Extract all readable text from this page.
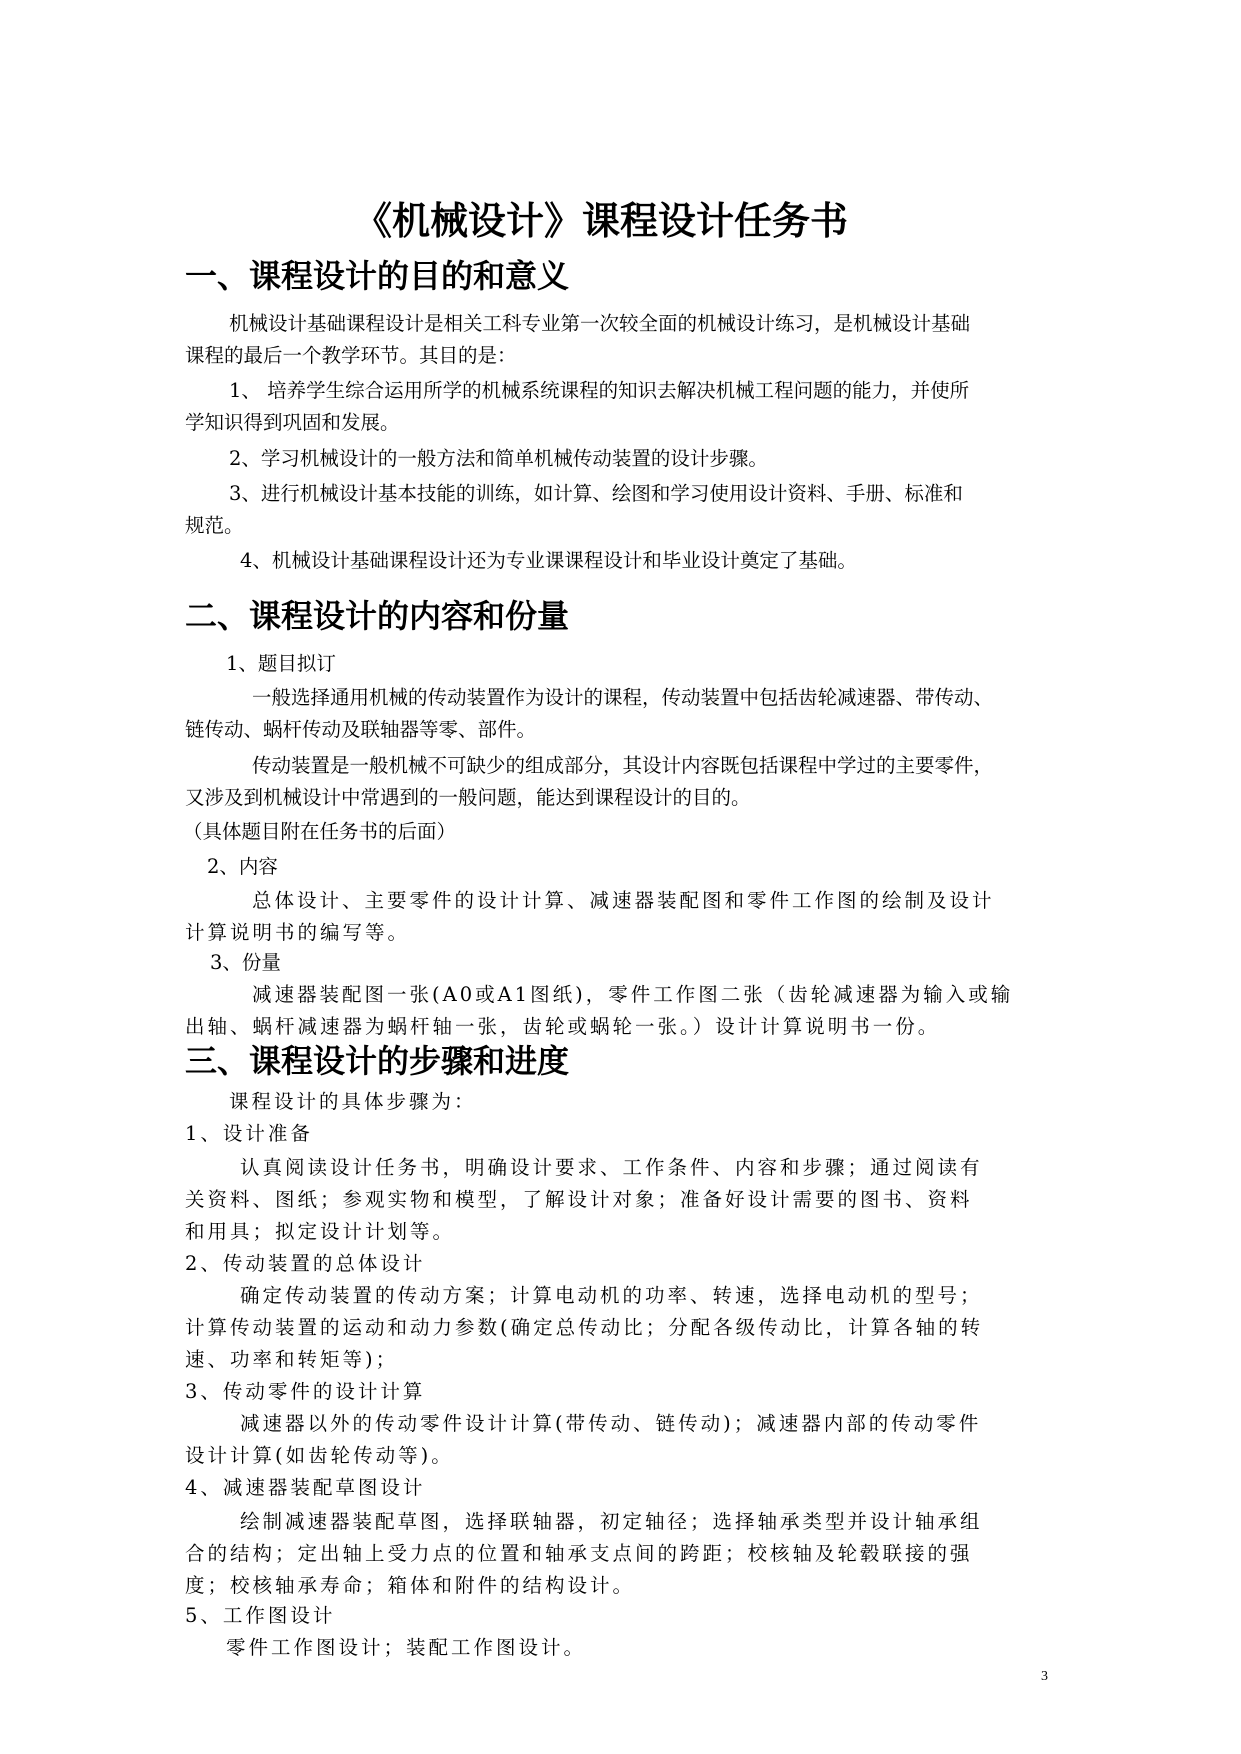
《机械设计》课程设计任务书
一、课程设计的目的和意义
机械设计基础课程设计是相关工科专业第一次较全面的机械设计练习，是机械设计基础
课程的最后一个教学环节。其目的是：
1、 培养学生综合运用所学的机械系统课程的知识去解决机械工程问题的能力，并使所
学知识得到巩固和发展。
2、学习机械设计的一般方法和简单机械传动装置的设计步骤。
3、进行机械设计基本技能的训练，如计算、绘图和学习使用设计资料、手册、标准和
规范。
4、机械设计基础课程设计还为专业课课程设计和毕业设计奠定了基础。
二、课程设计的内容和份量
1、题目拟订
一般选择通用机械的传动装置作为设计的课程，传动装置中包括齿轮减速器、带传动、
链传动、蜗杆传动及联轴器等零、部件。
传动装置是一般机械不可缺少的组成部分，其设计内容既包括课程中学过的主要零件，
又涉及到机械设计中常遇到的一般问题，能达到课程设计的目的。
（具体题目附在任务书的后面）
2、内容
总体设计、主要零件的设计计算、减速器装配图和零件工作图的绘制及设计
计算说明书的编写等。
3、份量
减速器装配图一张(A0或A1图纸)，零件工作图二张（齿轮减速器为输入或输
出轴、蜗杆减速器为蜗杆轴一张，齿轮或蜗轮一张。）设计计算说明书一份。
三、课程设计的步骤和进度
课程设计的具体步骤为：
1、设计准备
认真阅读设计任务书，明确设计要求、工作条件、内容和步骤；通过阅读有
关资料、图纸；参观实物和模型，了解设计对象；准备好设计需要的图书、资料
和用具；拟定设计计划等。
2、传动装置的总体设计
确定传动装置的传动方案；计算电动机的功率、转速，选择电动机的型号；
计算传动装置的运动和动力参数(确定总传动比；分配各级传动比，计算各轴的转
速、功率和转矩等)；
3、传动零件的设计计算
减速器以外的传动零件设计计算(带传动、链传动)；减速器内部的传动零件
设计计算(如齿轮传动等)。
4、减速器装配草图设计
绘制减速器装配草图，选择联轴器，初定轴径；选择轴承类型并设计轴承组
合的结构；定出轴上受力点的位置和轴承支点间的跨距；校核轴及轮毂联接的强
度；校核轴承寿命；箱体和附件的结构设计。
5、工作图设计
零件工作图设计；装配工作图设计。
3
